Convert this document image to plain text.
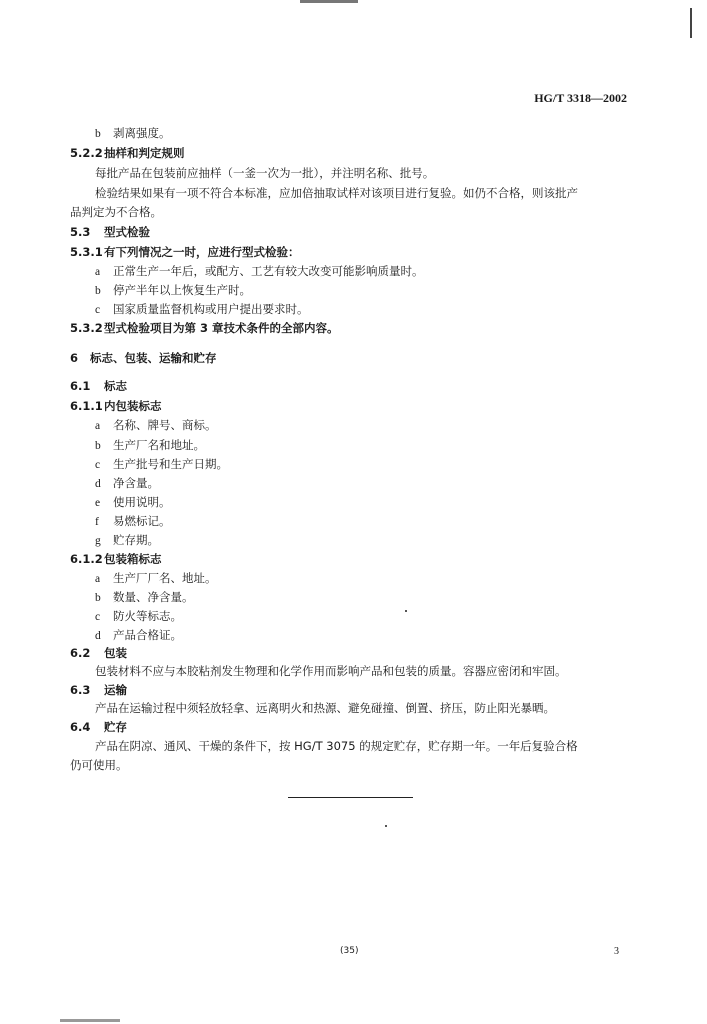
HG/T 3318—2002
b 剥离强度。
5.2.2抽样和判定规则
每批产品在包装前应抽样（一釜一次为一批），并注明名称、批号。
检验结果如果有一项不符合本标准，应加倍抽取试样对该项目进行复验。如仍不合格，则该批产
品判定为不合格。
5.3 型式检验
5.3.1有下列情况之一时，应进行型式检验：
a 正常生产一年后，或配方、工艺有较大改变可能影响质量时。
b 停产半年以上恢复生产时。
c 国家质量监督机构或用户提出要求时。
5.3.2型式检验项目为第 3 章技术条件的全部内容。
6 标志、包装、运输和贮存
6.1 标志
6.1.1内包装标志
a 名称、牌号、商标。
b 生产厂名和地址。
c 生产批号和生产日期。
d 净含量。
e 使用说明。
f 易燃标记。
g 贮存期。
6.1.2包装箱标志
a 生产厂厂名、地址。
b 数量、净含量。
c 防火等标志。
d 产品合格证。
6.2 包装
包装材料不应与本胶粘剂发生物理和化学作用而影响产品和包装的质量。容器应密闭和牢固。
6.3 运输
产品在运输过程中须轻放轻拿、远离明火和热源、避免碰撞、倒置、挤压，防止阳光暴晒。
6.4 贮存
产品在阴凉、通风、干燥的条件下，按 HG/T 3075 的规定贮存，贮存期一年。一年后复验合格
仍可使用。
(35)	3
